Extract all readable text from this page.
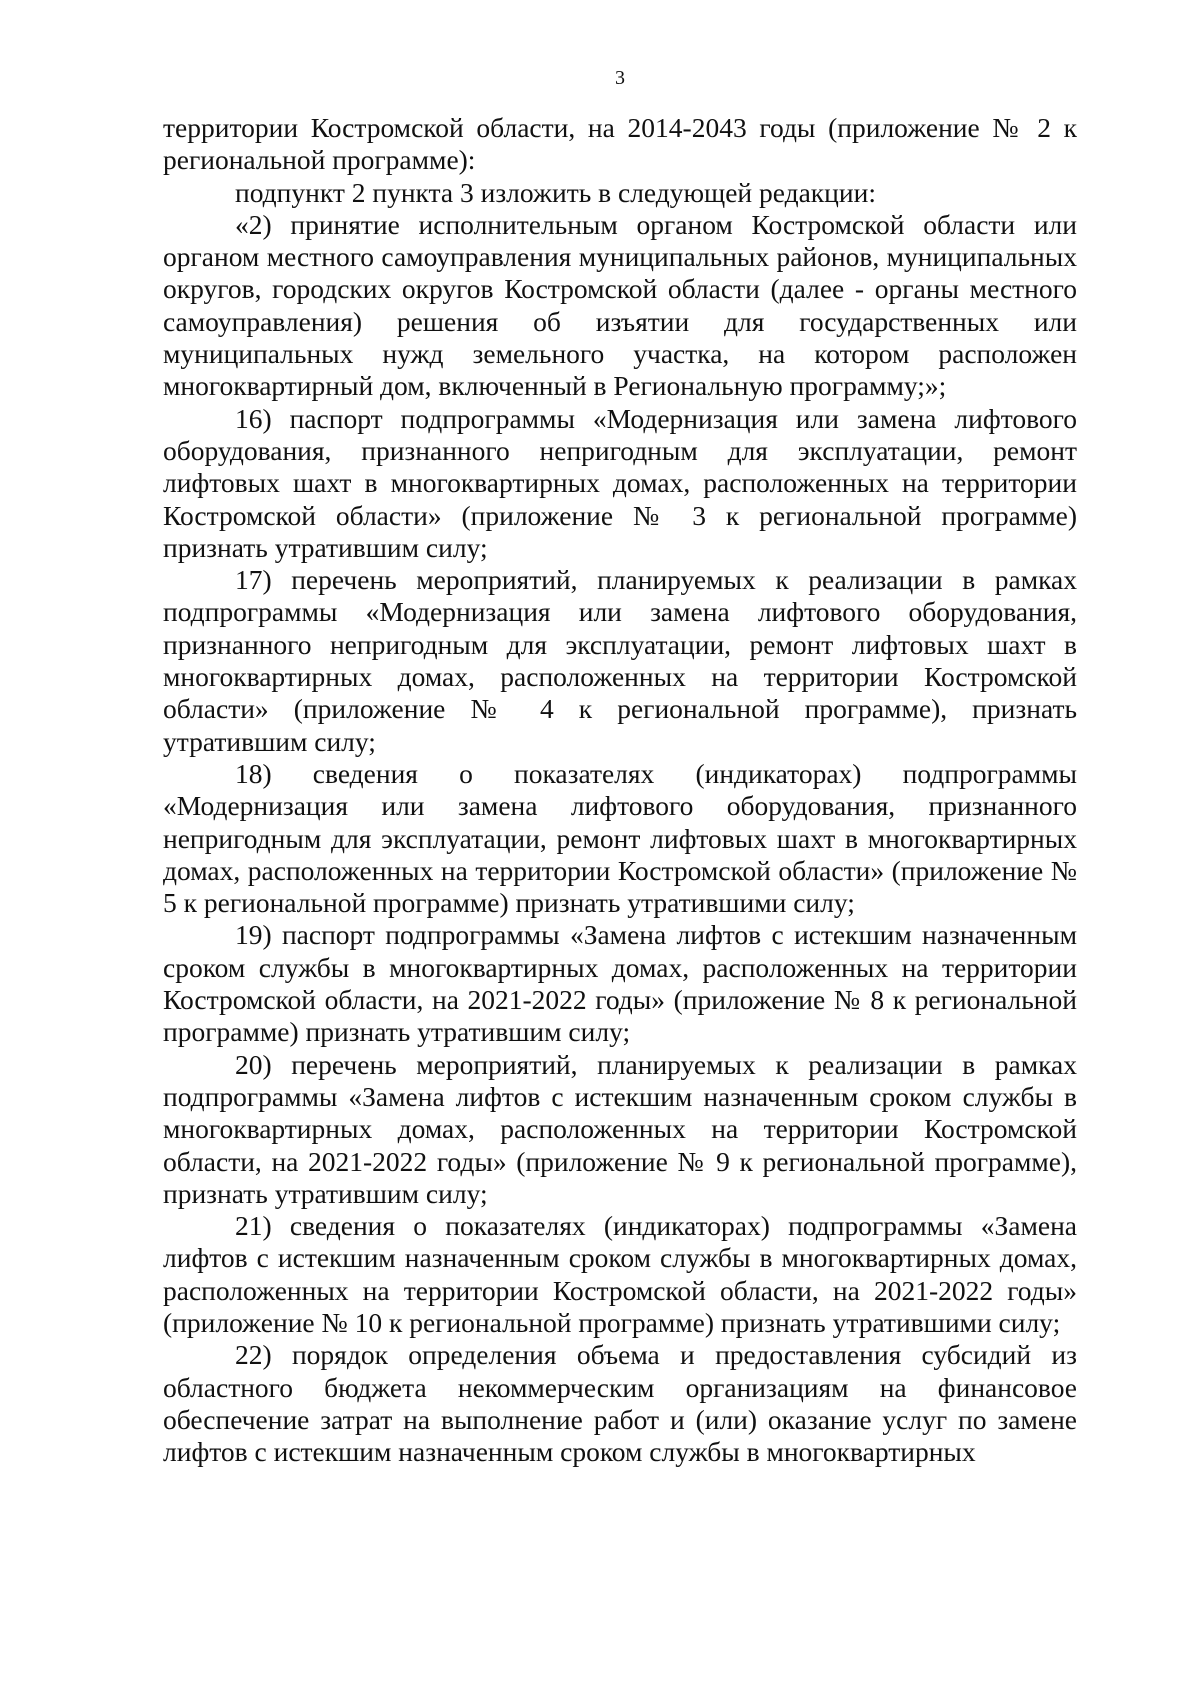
3

территории Костромской области, на 2014-2043 годы (приложение № 2 к региональной программе):

подпункт 2 пункта 3 изложить в следующей редакции:

«2) принятие исполнительным органом Костромской области или органом местного самоуправления муниципальных районов, муниципальных округов, городских округов Костромской области (далее - органы местного самоуправления) решения об изъятии для государственных или муниципальных нужд земельного участка, на котором расположен многоквартирный дом, включенный в Региональную программу;»;

16) паспорт подпрограммы «Модернизация или замена лифтового оборудования, признанного непригодным для эксплуатации, ремонт лифтовых шахт в многоквартирных домах, расположенных на территории Костромской области» (приложение № 3 к региональной программе) признать утратившим силу;

17) перечень мероприятий, планируемых к реализации в рамках подпрограммы «Модернизация или замена лифтового оборудования, признанного непригодным для эксплуатации, ремонт лифтовых шахт в многоквартирных домах, расположенных на территории Костромской области» (приложение № 4 к региональной программе), признать утратившим силу;

18) сведения о показателях (индикаторах) подпрограммы «Модернизация или замена лифтового оборудования, признанного непригодным для эксплуатации, ремонт лифтовых шахт в многоквартирных домах, расположенных на территории Костромской области» (приложение № 5 к региональной программе) признать утратившими силу;

19) паспорт подпрограммы «Замена лифтов с истекшим назначенным сроком службы в многоквартирных домах, расположенных на территории Костромской области, на 2021-2022 годы» (приложение № 8 к региональной программе) признать утратившим силу;

20) перечень мероприятий, планируемых к реализации в рамках подпрограммы «Замена лифтов с истекшим назначенным сроком службы в многоквартирных домах, расположенных на территории Костромской области, на 2021-2022 годы» (приложение № 9 к региональной программе), признать утратившим силу;

21) сведения о показателях (индикаторах) подпрограммы «Замена лифтов с истекшим назначенным сроком службы в многоквартирных домах, расположенных на территории Костромской области, на 2021-2022 годы» (приложение № 10 к региональной программе) признать утратившими силу;

22) порядок определения объема и предоставления субсидий из областного бюджета некоммерческим организациям на финансовое обеспечение затрат на выполнение работ и (или) оказание услуг по замене лифтов с истекшим назначенным сроком службы в многоквартирных
